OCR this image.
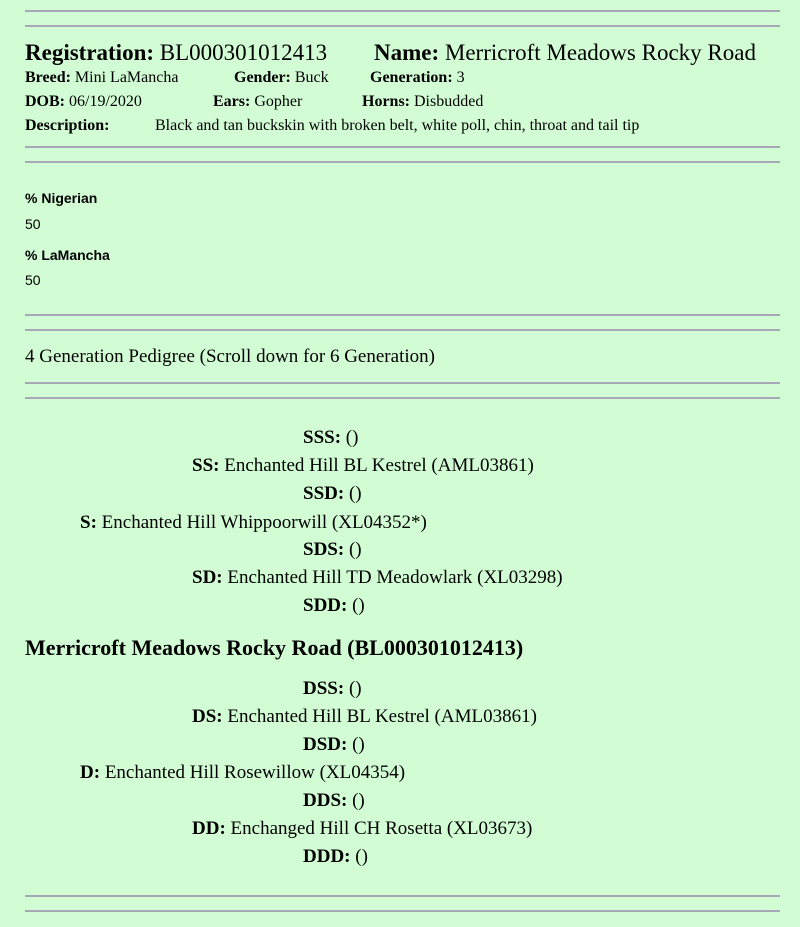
Registration: BL000301012413 Name: Merricroft Meadows Rocky Road
Breed: Mini LaMancha	Gender: Buck	Generation: 3
DOB: 06/19/2020	Ears: Gopher	Horns: Disbudded
Description:	Black and tan buckskin with broken belt, white poll, chin, throat and tail tip
% Nigerian
50
% LaMancha
50
4 Generation Pedigree (Scroll down for 6 Generation)
SSS: ()
SS: Enchanted Hill BL Kestrel (AML03861)
SSD: ()
S: Enchanted Hill Whippoorwill (XL04352*)
SDS: ()
SD: Enchanted Hill TD Meadowlark (XL03298)
SDD: ()
Merricroft Meadows Rocky Road (BL000301012413)
DSS: ()
DS: Enchanted Hill BL Kestrel (AML03861)
DSD: ()
D: Enchanted Hill Rosewillow (XL04354)
DDS: ()
DD: Enchanged Hill CH Rosetta (XL03673)
DDD: ()
